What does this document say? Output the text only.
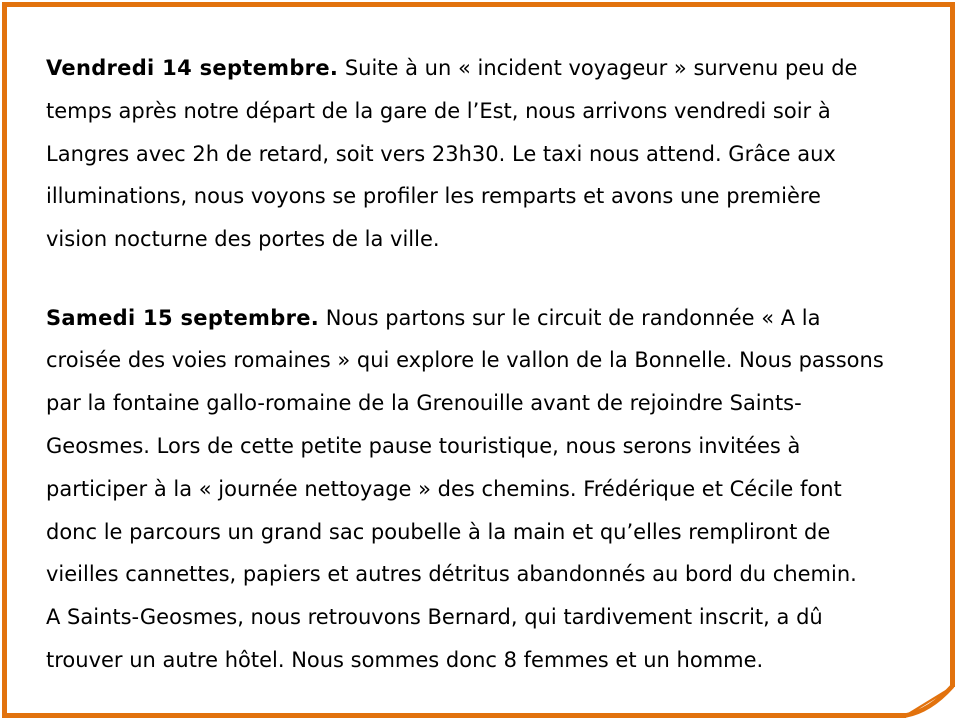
Vendredi 14 septembre. Suite à un « incident voyageur » survenu peu de
temps après notre départ de la gare de l’Est, nous arrivons vendredi soir à
Langres avec 2h de retard, soit vers 23h30. Le taxi nous attend. Grâce aux
illuminations, nous voyons se profiler les remparts et avons une première
vision nocturne des portes de la ville.
Samedi 15 septembre. Nous partons sur le circuit de randonnée « A la
croisée des voies romaines » qui explore le vallon de la Bonnelle. Nous passons
par la fontaine gallo-romaine de la Grenouille avant de rejoindre Saints-
Geosmes. Lors de cette petite pause touristique, nous serons invitées à
participer à la « journée nettoyage » des chemins. Frédérique et Cécile font
donc le parcours un grand sac poubelle à la main et qu’elles rempliront de
vieilles cannettes, papiers et autres détritus abandonnés au bord du chemin.
A Saints-Geosmes, nous retrouvons Bernard, qui tardivement inscrit, a dû
trouver un autre hôtel. Nous sommes donc 8 femmes et un homme.
